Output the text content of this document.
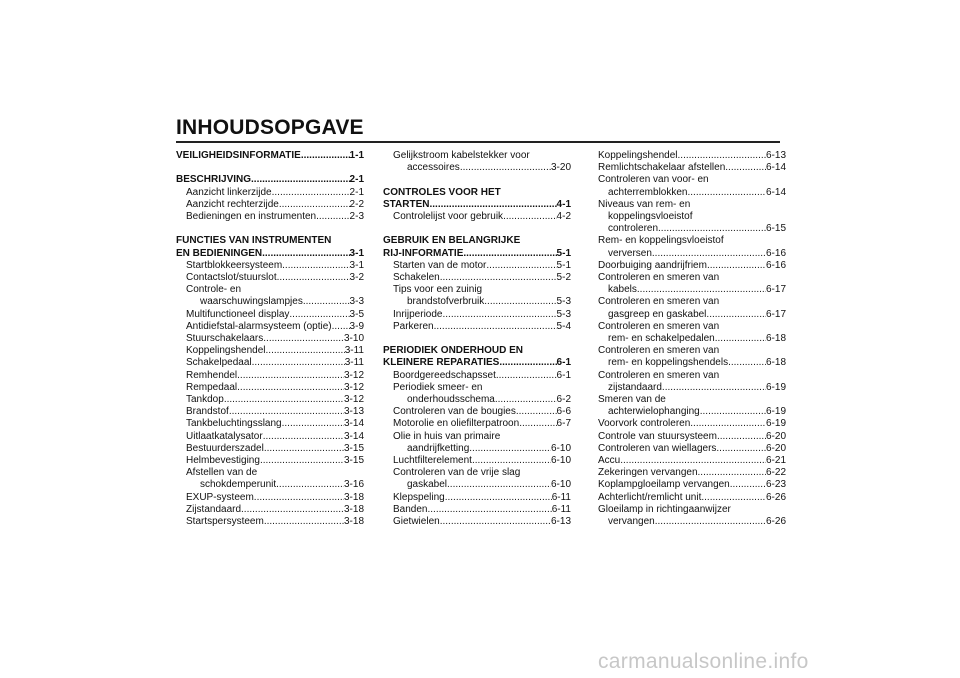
INHOUDSOPGAVE
VEILIGHEIDSINFORMATIE .....	1-1
BESCHRIJVING .....	2-1
Aanzicht linkerzijde .....	2-1
Aanzicht rechterzijde .....	2-2
Bedieningen en instrumenten .....	2-3
FUNCTIES VAN INSTRUMENTEN
EN BEDIENINGEN .....	3-1
Startblokkeersysteem .....	3-1
Contactslot/stuurslot .....	3-2
Controle- en
waarschuwingslampjes .....	3-3
Multifunctioneel display .....	3-5
Antidiefstal-alarmsysteem (optie) ..... 3-9
Stuurschakelaars .....	3-10
Koppelingshendel .....	3-11
Schakelpedaal .....	3-11
Remhendel .....	3-12
Rempedaal .....	3-12
Tankdop .....	3-12
Brandstof .....	3-13
Tankbeluchtingsslang .....	3-14
Uitlaatkatalysator .....	3-14
Bestuurderszadel .....	3-15
Helmbevestiging .....	3-15
Afstellen van de
schokdemperunit .....	3-16
EXUP-systeem .....	3-18
Zijstandaard .....	3-18
Startspersysteem .....	3-18
Gelijkstroom kabelstekker voor
accessoires .....	3-20
CONTROLES VOOR HET
STARTEN .....	4-1
Controlelijst voor gebruik .....	4-2
GEBRUIK EN BELANGRIJKE
RIJ-INFORMATIE .....	5-1
Starten van de motor .....	5-1
Schakelen .....	5-2
Tips voor een zuinig
brandstofverbruik .....	5-3
Inrijperiode .....	5-3
Parkeren .....	5-4
PERIODIEK ONDERHOUD EN
KLEINERE REPARATIES .....	6-1
Boordgereedschapsset .....	6-1
Periodiek smeer- en
onderhoudsschema .....	6-2
Controleren van de bougies .....	6-6
Motorolie en oliefilterpatroon .....	6-7
Olie in huis van primaire
aandrijfketting .....	6-10
Luchtfilterelement .....	6-10
Controleren van de vrije slag
gaskabel .....	6-10
Klepspeling .....	6-11
Banden .....	6-11
Gietwielen .....	6-13
Koppelingshendel .....	6-13
Remlichtschakelaar afstellen .....	6-14
Controleren van voor- en
achterremblokken .....	6-14
Niveaus van rem- en
koppelingsvloeistof
controleren .....	6-15
Rem- en koppelingsvloeistof
verversen .....	6-16
Doorbuiging aandrijfriem .....	6-16
Controleren en smeren van
kabels .....	6-17
Controleren en smeren van
gasgreep en gaskabel .....	6-17
Controleren en smeren van
rem- en schakelpedalen .....	6-18
Controleren en smeren van
rem- en koppelingshendels .....	6-18
Controleren en smeren van
zijstandaard .....	6-19
Smeren van de
achterwielophanging .....	6-19
Voorvork controleren .....	6-19
Controle van stuursysteem .....	6-20
Controleren van wiellagers .....	6-20
Accu .....	6-21
Zekeringen vervangen .....	6-22
Koplampgloeilamp vervangen .....	6-23
Achterlicht/remlicht unit .....	6-26
Gloeilamp in richtingaanwijzer
vervangen .....	6-26
carmanualsonline.info
